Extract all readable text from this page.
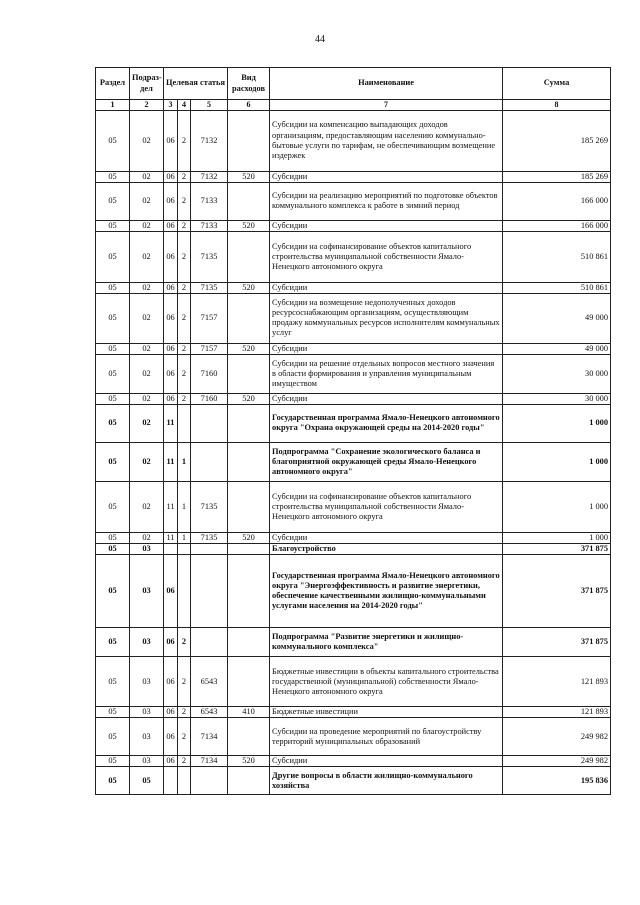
44
Раздел	Подраз-дел	Целевая статья			Вид расходов	Наименование	Сумма
1	2	3	4	5	6	7	8
05	02	06	2	7132		Субсидии на компенсацию выпадающих доходов организациям, предоставляющим населению коммунально-бытовые услуги по тарифам, не обеспечивающим возмещение издержек	185 269
05	02	06	2	7132	520	Субсидии	185 269
05	02	06	2	7133		Субсидии на реализацию мероприятий по подготовке объектов коммунального комплекса к работе в зимний период	166 000
05	02	06	2	7133	520	Субсидии	166 000
05	02	06	2	7135		Субсидии на софинансирование объектов капитального строительства муниципальной собственности Ямало-Ненецкого автономного округа	510 861
05	02	06	2	7135	520	Субсидии	510 861
05	02	06	2	7157		Субсидии на возмещение недополученных доходов ресурсоснабжающим организациям, осуществляющим продажу коммунальных ресурсов исполнителям коммунальных услуг	49 000
05	02	06	2	7157	520	Субсидии	49 000
05	02	06	2	7160		Субсидии на решение отдельных вопросов местного значения в области формирования и управления муниципальным имуществом	30 000
05	02	06	2	7160	520	Субсидии	30 000
05	02	11				Государственная программа Ямало-Ненецкого автономного округа "Охрана окружающей среды на 2014-2020 годы"	1 000
05	02	11	1			Подпрограмма "Сохранение экологического баланса и благоприятной окружающей среды Ямало-Ненецкого автономного округа"	1 000
05	02	11	1	7135		Субсидии на софинансирование объектов капитального строительства муниципальной собственности Ямало-Ненецкого автономного округа	1 000
05	02	11	1	7135	520	Субсидии	1 000
05	03					Благоустройство	371 875
05	03	06				Государственная программа Ямало-Ненецкого автономного округа "Энергоэффективность и развитие энергетики, обеспечение качественными жилищно-коммунальными услугами населения на 2014-2020 годы"	371 875
05	03	06	2			Подпрограмма "Развитие энергетики и жилищно-коммунального комплекса"	371 875
05	03	06	2	6543		Бюджетные инвестиции в объекты капитального строительства государственной (муниципальной) собственности Ямало-Ненецкого автономного округа	121 893
05	03	06	2	6543	410	Бюджетные инвестиции	121 893
05	03	06	2	7134		Субсидии на проведение мероприятий по благоустройству территорий муниципальных образований	249 982
05	03	06	2	7134	520	Субсидии	249 982
05	05					Другие вопросы в области жилищно-коммунального хозяйства	195 836
